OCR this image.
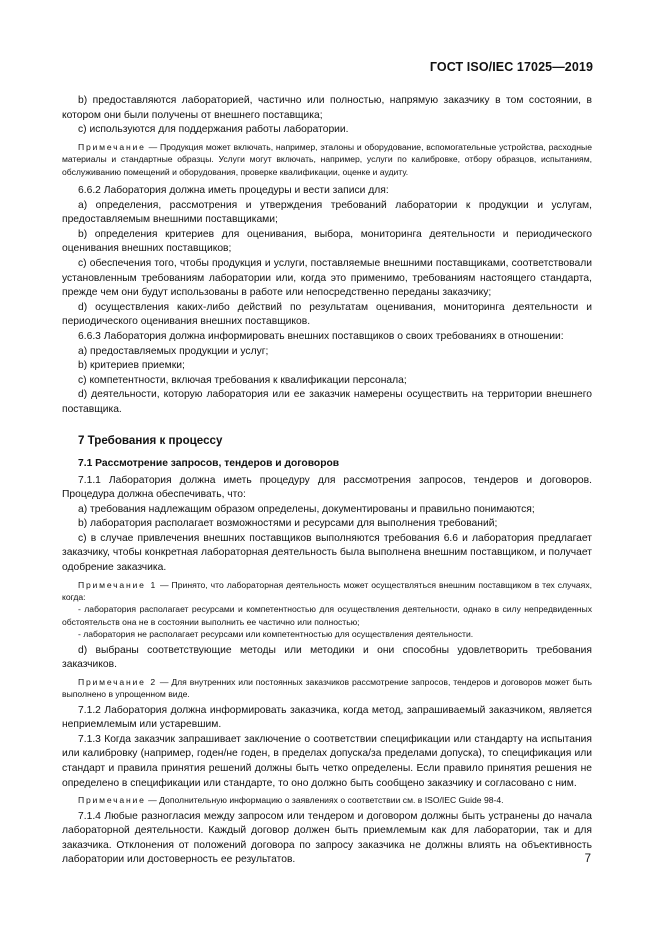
ГОСТ ISO/IEC 17025—2019

b) предоставляются лабораторией, частично или полностью, напрямую заказчику в том состоянии, в котором они были получены от внешнего поставщика;

с) используются для поддержания работы лаборатории.

Примечание — Продукция может включать, например, эталоны и оборудование, вспомогательные устройства, расходные материалы и стандартные образцы. Услуги могут включать, например, услуги по калибровке, отбору образцов, испытаниям, обслуживанию помещений и оборудования, проверке квалификации, оценке и аудиту.

6.6.2 Лаборатория должна иметь процедуры и вести записи для:

a) определения, рассмотрения и утверждения требований лаборатории к продукции и услугам, предоставляемым внешними поставщиками;

b) определения критериев для оценивания, выбора, мониторинга деятельности и периодического оценивания внешних поставщиков;

c) обеспечения того, чтобы продукция и услуги, поставляемые внешними поставщиками, соответствовали установленным требованиям лаборатории или, когда это применимо, требованиям настоящего стандарта, прежде чем они будут использованы в работе или непосредственно переданы заказчику;

d) осуществления каких-либо действий по результатам оценивания, мониторинга деятельности и периодического оценивания внешних поставщиков.

6.6.3 Лаборатория должна информировать внешних поставщиков о своих требованиях в отношении:

a) предоставляемых продукции и услуг;

b) критериев приемки;

c) компетентности, включая требования к квалификации персонала;

d) деятельности, которую лаборатория или ее заказчик намерены осуществить на территории внешнего поставщика.

7 Требования к процессу

7.1 Рассмотрение запросов, тендеров и договоров

7.1.1 Лаборатория должна иметь процедуру для рассмотрения запросов, тендеров и договоров. Процедура должна обеспечивать, что:

a) требования надлежащим образом определены, документированы и правильно понимаются;

b) лаборатория располагает возможностями и ресурсами для выполнения требований;

c) в случае привлечения внешних поставщиков выполняются требования 6.6 и лаборатория предлагает заказчику, чтобы конкретная лабораторная деятельность была выполнена внешним поставщиком, и получает одобрение заказчика.

Примечание 1 — Принято, что лабораторная деятельность может осуществляться внешним поставщиком в тех случаях, когда:

- лаборатория располагает ресурсами и компетентностью для осуществления деятельности, однако в силу непредвиденных обстоятельств она не в состоянии выполнить ее частично или полностью;

- лаборатория не располагает ресурсами или компетентностью для осуществления деятельности.

d) выбраны соответствующие методы или методики и они способны удовлетворить требования заказчиков.

Примечание 2 — Для внутренних или постоянных заказчиков рассмотрение запросов, тендеров и договоров может быть выполнено в упрощенном виде.

7.1.2 Лаборатория должна информировать заказчика, когда метод, запрашиваемый заказчиком, является неприемлемым или устаревшим.

7.1.3 Когда заказчик запрашивает заключение о соответствии спецификации или стандарту на испытания или калибровку (например, годен/не годен, в пределах допуска/за пределами допуска), то спецификация или стандарт и правила принятия решений должны быть четко определены. Если правило принятия решения не определено в спецификации или стандарте, то оно должно быть сообщено заказчику и согласовано с ним.

Примечание — Дополнительную информацию о заявлениях о соответствии см. в ISO/IEC Guide 98-4.

7.1.4 Любые разногласия между запросом или тендером и договором должны быть устранены до начала лабораторной деятельности. Каждый договор должен быть приемлемым как для лаборатории, так и для заказчика. Отклонения от положений договора по запросу заказчика не должны влиять на объективность лаборатории или достоверность ее результатов.	7
